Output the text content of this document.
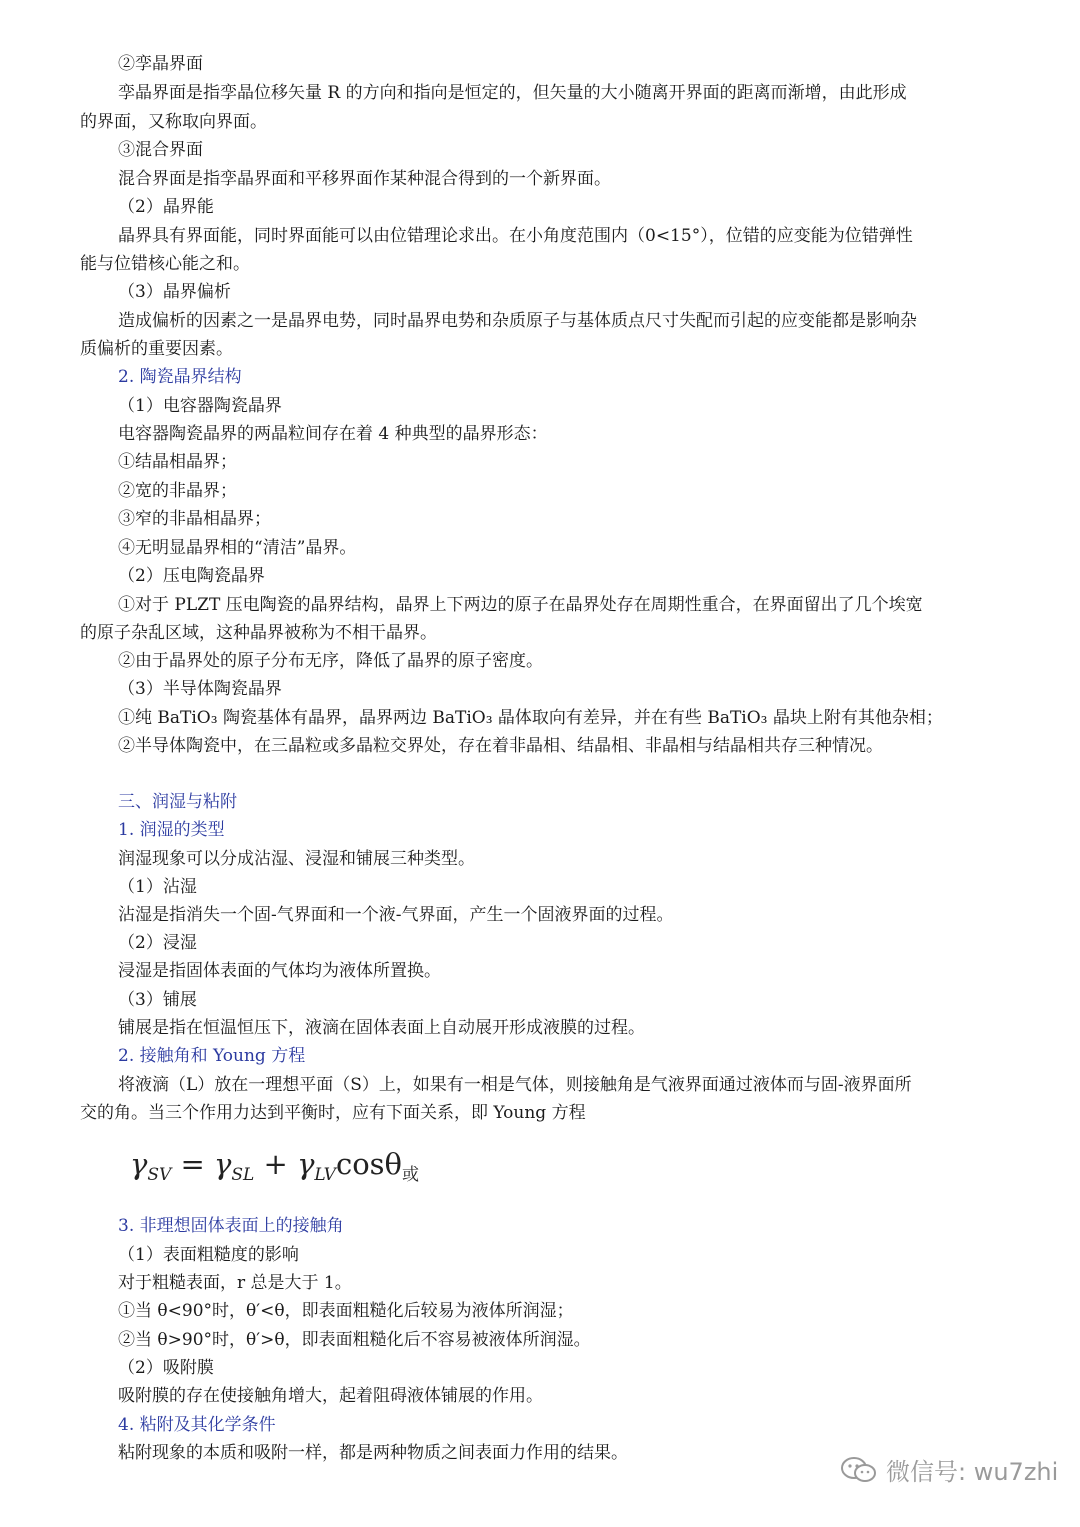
②孪晶界面
孪晶界面是指孪晶位移矢量 R 的方向和指向是恒定的，但矢量的大小随离开界面的距离而渐增，由此形成
的界面，又称取向界面。
③混合界面
混合界面是指孪晶界面和平移界面作某种混合得到的一个新界面。
（2）晶界能
晶界具有界面能，同时界面能可以由位错理论求出。在小角度范围内（0<15°），位错的应变能为位错弹性
能与位错核心能之和。
（3）晶界偏析
造成偏析的因素之一是晶界电势，同时晶界电势和杂质原子与基体质点尺寸失配而引起的应变能都是影响杂
质偏析的重要因素。
2. 陶瓷晶界结构
（1）电容器陶瓷晶界
电容器陶瓷晶界的两晶粒间存在着 4 种典型的晶界形态：
①结晶相晶界；
②宽的非晶界；
③窄的非晶相晶界；
④无明显晶界相的“清洁”晶界。
（2）压电陶瓷晶界
①对于 PLZT 压电陶瓷的晶界结构，晶界上下两边的原子在晶界处存在周期性重合，在界面留出了几个埃宽
的原子杂乱区域，这种晶界被称为不相干晶界。
②由于晶界处的原子分布无序，降低了晶界的原子密度。
（3）半导体陶瓷晶界
①纯 BaTiO₃ 陶瓷基体有晶界，晶界两边 BaTiO₃ 晶体取向有差异，并在有些 BaTiO₃ 晶块上附有其他杂相；
②半导体陶瓷中，在三晶粒或多晶粒交界处，存在着非晶相、结晶相、非晶相与结晶相共存三种情况。
三、润湿与粘附
1. 润湿的类型
润湿现象可以分成沾湿、浸湿和铺展三种类型。
（1）沾湿
沾湿是指消失一个固-气界面和一个液-气界面，产生一个固液界面的过程。
（2）浸湿
浸湿是指固体表面的气体均为液体所置换。
（3）铺展
铺展是指在恒温恒压下，液滴在固体表面上自动展开形成液膜的过程。
2. 接触角和 Young 方程
将液滴（L）放在一理想平面（S）上，如果有一相是气体，则接触角是气液界面通过液体而与固-液界面所
交的角。当三个作用力达到平衡时，应有下面关系，即 Young 方程
$\gamma_{SV} = \gamma_{SL} + \gamma_{LV}\cos\theta_或$
3. 非理想固体表面上的接触角
（1）表面粗糙度的影响
对于粗糙表面，r 总是大于 1。
①当 θ<90°时，θ′<θ，即表面粗糙化后较易为液体所润湿；
②当 θ>90°时，θ′>θ，即表面粗糙化后不容易被液体所润湿。
（2）吸附膜
吸附膜的存在使接触角增大，起着阻碍液体铺展的作用。
4. 粘附及其化学条件
粘附现象的本质和吸附一样，都是两种物质之间表面力作用的结果。
微信号: wu7zhi
